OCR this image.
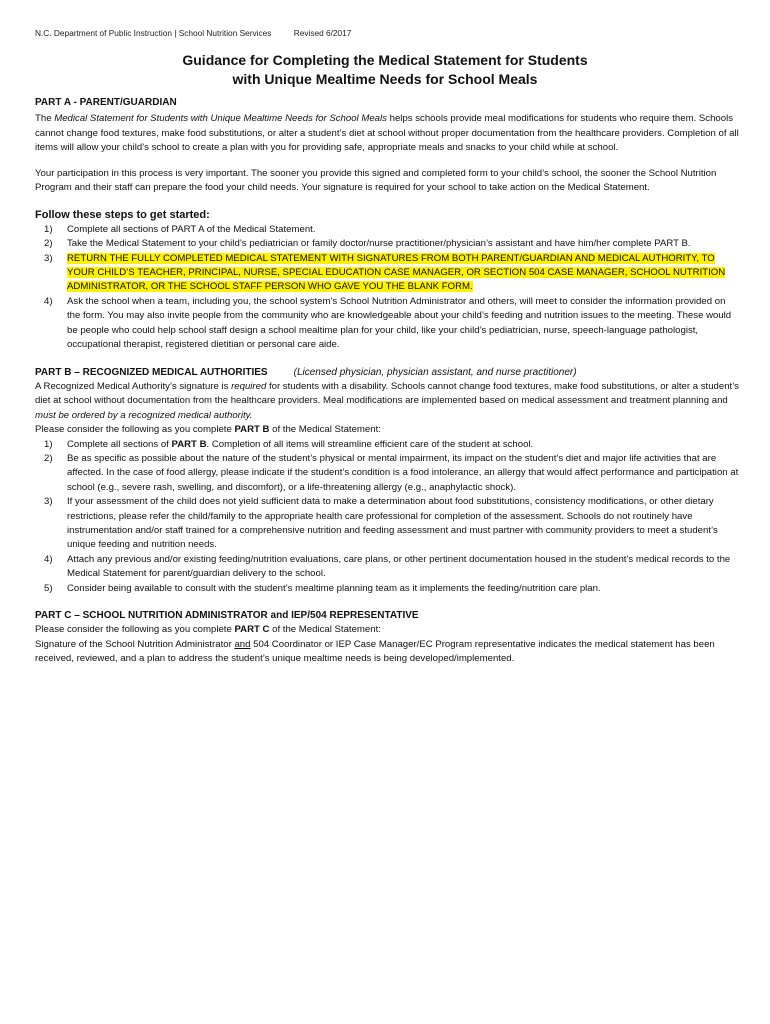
N.C. Department of Public Instruction | School Nutrition Services	Revised 6/2017
Guidance for Completing the Medical Statement for Students
with Unique Mealtime Needs for School Meals

PART A - PARENT/GUARDIAN

The Medical Statement for Students with Unique Mealtime Needs for School Meals helps schools provide meal modifications for students who require them. Schools cannot change food textures, make food substitutions, or alter a student’s diet at school without proper documentation from the healthcare providers. Completion of all items will allow your child’s school to create a plan with you for providing safe, appropriate meals and snacks to your child while at school.

Your participation in this process is very important. The sooner you provide this signed and completed form to your child’s school, the sooner the School Nutrition Program and their staff can prepare the food your child needs. Your signature is required for your school to take action on the Medical Statement.

Follow these steps to get started:

1) Complete all sections of PART A of the Medical Statement.
2) Take the Medical Statement to your child’s pediatrician or family doctor/nurse practitioner/physician’s assistant and have him/her complete PART B.
3) RETURN THE FULLY COMPLETED MEDICAL STATEMENT WITH SIGNATURES FROM BOTH PARENT/GUARDIAN AND MEDICAL AUTHORITY, TO YOUR CHILD’S TEACHER, PRINCIPAL, NURSE, SPECIAL EDUCATION CASE MANAGER, OR SECTION 504 CASE MANAGER, SCHOOL NUTRITION ADMINISTRATOR, OR THE SCHOOL STAFF PERSON WHO GAVE YOU THE BLANK FORM.
4) Ask the school when a team, including you, the school system’s School Nutrition Administrator and others, will meet to consider the information provided on the form. You may also invite people from the community who are knowledgeable about your child’s feeding and nutrition issues to the meeting. These would be people who could help school staff design a school mealtime plan for your child, like your child’s pediatrician, nurse, speech-language pathologist, occupational therapist, registered dietitian or personal care aide.

PART B – RECOGNIZED MEDICAL AUTHORITIES	(Licensed physician, physician assistant, and nurse practitioner)

A Recognized Medical Authority’s signature is required for students with a disability. Schools cannot change food textures, make food substitutions, or alter a student’s diet at school without documentation from the healthcare providers. Meal modifications are implemented based on medical assessment and treatment planning and must be ordered by a recognized medical authority.

Please consider the following as you complete PART B of the Medical Statement:

1) Complete all sections of PART B. Completion of all items will streamline efficient care of the student at school.
2) Be as specific as possible about the nature of the student’s physical or mental impairment, its impact on the student’s diet and major life activities that are affected. In the case of food allergy, please indicate if the student’s condition is a food intolerance, an allergy that would affect performance and participation at school (e.g., severe rash, swelling, and discomfort), or a life-threatening allergy (e.g., anaphylactic shock).
3) If your assessment of the child does not yield sufficient data to make a determination about food substitutions, consistency modifications, or other dietary restrictions, please refer the child/family to the appropriate health care professional for completion of the assessment. Schools do not routinely have instrumentation and/or staff trained for a comprehensive nutrition and feeding assessment and must partner with community providers to meet a student’s unique feeding and nutrition needs.
4) Attach any previous and/or existing feeding/nutrition evaluations, care plans, or other pertinent documentation housed in the student’s medical records to the Medical Statement for parent/guardian delivery to the school.
5) Consider being available to consult with the student’s mealtime planning team as it implements the feeding/nutrition care plan.

PART C – SCHOOL NUTRITION ADMINISTRATOR and IEP/504 REPRESENTATIVE

Please consider the following as you complete PART C of the Medical Statement:

Signature of the School Nutrition Administrator and 504 Coordinator or IEP Case Manager/EC Program representative indicates the medical statement has been received, reviewed, and a plan to address the student’s unique mealtime needs is being developed/implemented.
